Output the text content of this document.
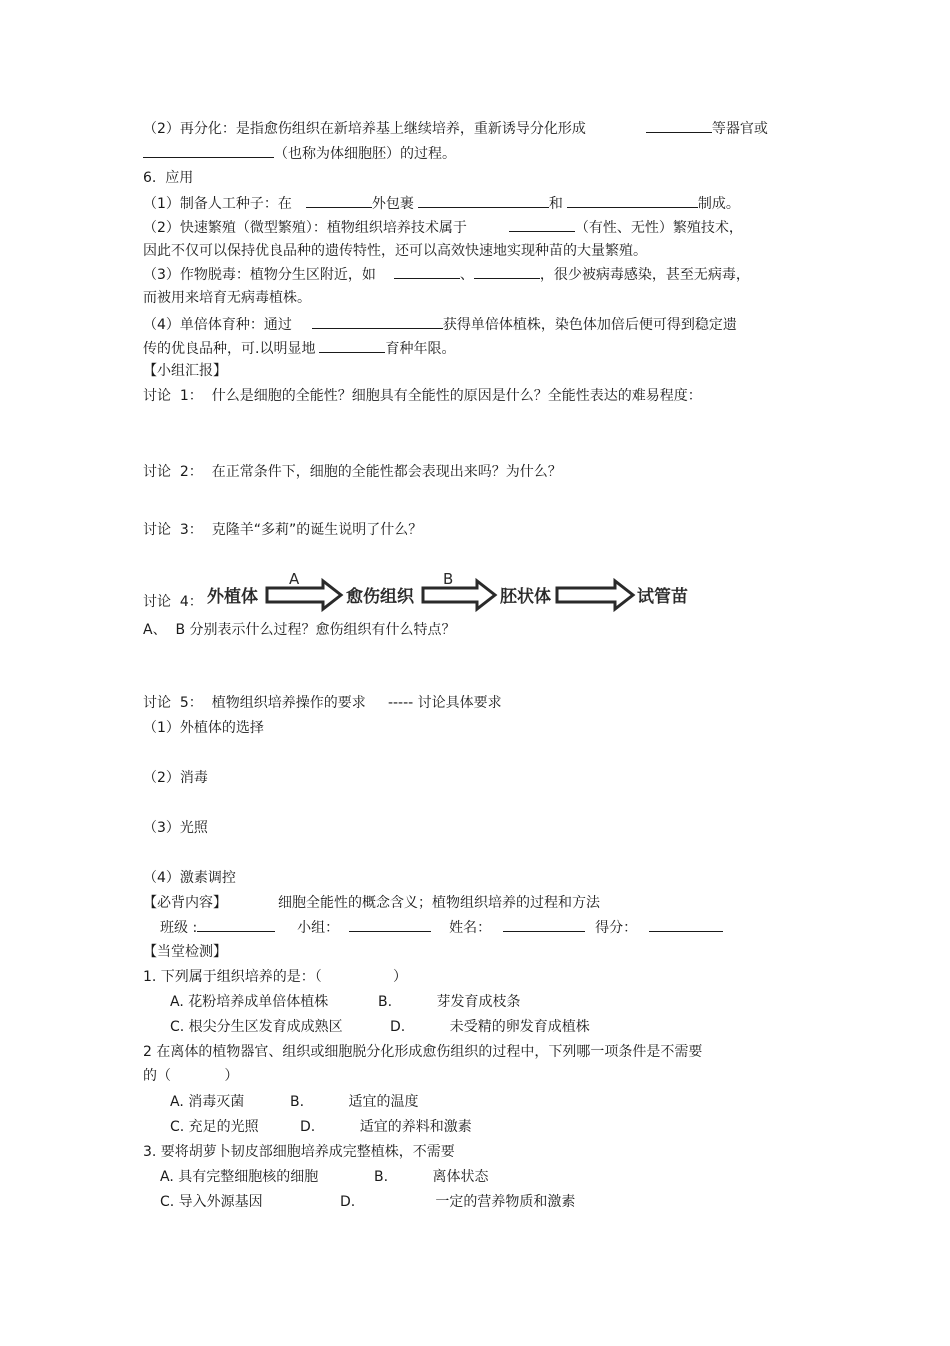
（2）再分化：是指愈伤组织在新培养基上继续培养，重新诱导分化形成	等器官或
（也称为体细胞胚）的过程。
6.  应用
（1）制备人工种子：在	外包裹	和	制成。
（2）快速繁殖（微型繁殖）：植物组织培养技术属于	（有性、无性）繁殖技术，
因此不仅可以保持优良品种的遗传特性，还可以高效快速地实现种苗的大量繁殖。
（3）作物脱毒：植物分生区附近，如	、	，很少被病毒感染，甚至无病毒，
而被用来培育无病毒植株。
（4）单倍体育种：通过	获得单倍体植株，染色体加倍后便可得到稳定遗
传的优良品种，可.以明显地	育种年限。
【小组汇报】
讨论  1：  什么是细胞的全能性？细胞具有全能性的原因是什么？全能性表达的难易程度：
讨论  2：  在正常条件下，细胞的全能性都会表现出来吗？为什么？
讨论  3：  克隆羊“多莉”的诞生说明了什么？
讨论  4： 外植体
A
愈伤组织
B
胚状体	试管苗
A、  B 分别表示什么过程？愈伤组织有什么特点？
讨论  5：  植物组织培养操作的要求     ----- 讨论具体要求
（1）外植体的选择
（2）消毒
（3）光照
（4）激素调控
【必背内容】	细胞全能性的概念含义；植物组织培养的过程和方法
班级 :	小组：	姓名：	得分：
【当堂检测】
1. 下列属于组织培养的是：（                ）
A. 花粉培养成单倍体植株	B.          芽发育成枝条
C. 根尖分生区发育成成熟区	D.          未受精的卵发育成植株
2 在离体的植物器官、组织或细胞脱分化形成愈伤组织的过程中，下列哪一项条件是不需要
的（            ）
A. 消毒灭菌	B.          适宜的温度
C. 充足的光照	D.          适宜的养料和激素
3. 要将胡萝卜韧皮部细胞培养成完整植株，不需要
A. 具有完整细胞核的细胞	B.          离体状态
C. 导入外源基因	D.                  一定的营养物质和激素
